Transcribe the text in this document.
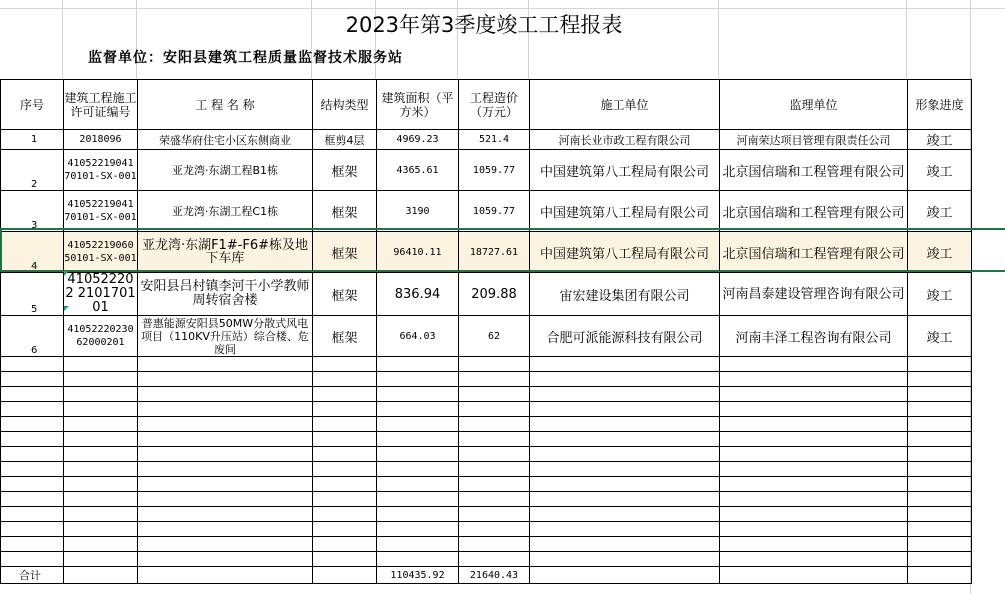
2023年第3季度竣工工程报表
监督单位：安阳县建筑工程质量监督技术服务站
序号	建筑工程施工许可证编号	工 程 名 称	结构类型	建筑面积（平方米）	工程造价（万元）	施工单位	监理单位	形象进度
1	2018096	荣盛华府住宅小区东侧商业	框剪4层	4969.23	521.4	河南长业市政工程有限公司	河南荣达项目管理有限责任公司	竣工
2	41052219041 70101-SX-001	亚龙湾·东湖工程B1栋	框架	4365.61	1059.77	中国建筑第八工程局有限公司	北京国信瑞和工程管理有限公司	竣工
3	41052219041 70101-SX-001	亚龙湾·东湖工程C1栋	框架	3190	1059.77	中国建筑第八工程局有限公司	北京国信瑞和工程管理有限公司	竣工
4	41052219060 50101-SX-001	亚龙湾·东湖F1#-F6#栋及地下车库	框架	96410.11	18727.61	中国建筑第八工程局有限公司	北京国信瑞和工程管理有限公司	竣工
5	410522202 210170101	安阳县吕村镇李河干小学教师周转宿舍楼	框架	836.94	209.88	宙宏建设集团有限公司	河南昌泰建设管理咨询有限公司	竣工
6	41052220230 62000201	普惠能源安阳县50MW分散式风电项目（110KV升压站）综合楼、危废间	框架	664.03	62	合肥可派能源科技有限公司	河南丰泽工程咨询有限公司	竣工

合计				110435.92	21640.43			
